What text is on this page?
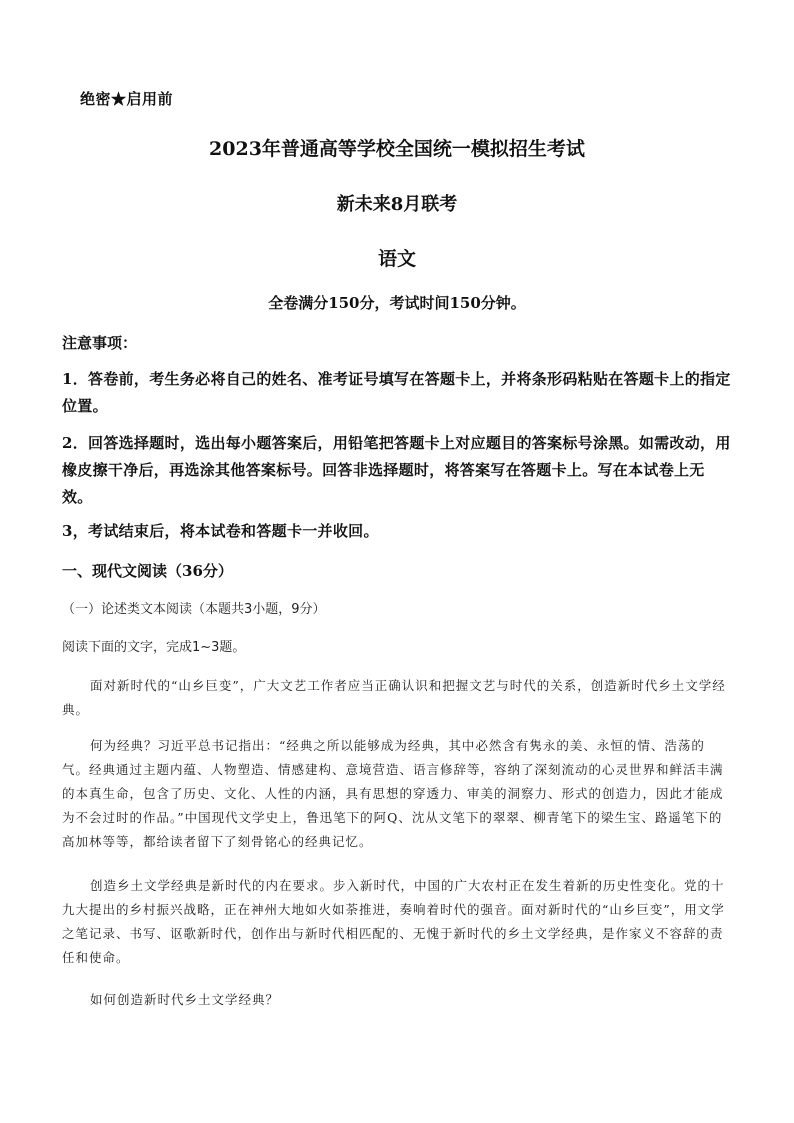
绝密★启用前
2023年普通高等学校全国统一模拟招生考试
新未来8月联考
语文
全卷满分150分，考试时间150分钟。
注意事项：
1．答卷前，考生务必将自己的姓名、准考证号填写在答题卡上，并将条形码粘贴在答题卡上的指定位置。
2．回答选择题时，选出每小题答案后，用铅笔把答题卡上对应题目的答案标号涂黑。如需改动，用橡皮擦干净后，再选涂其他答案标号。回答非选择题时，将答案写在答题卡上。写在本试卷上无效。
3，考试结束后，将本试卷和答题卡一并收回。
一、现代文阅读（36分）
（一）论述类文本阅读（本题共3小题，9分）
阅读下面的文字，完成1~3题。
面对新时代的“山乡巨变”，广大文艺工作者应当正确认识和把握文艺与时代的关系，创造新时代乡土文学经典。
何为经典？习近平总书记指出：“经典之所以能够成为经典，其中必然含有隽永的美、永恒的情、浩荡的气。经典通过主题内蕴、人物塑造、情感建构、意境营造、语言修辞等，容纳了深刻流动的心灵世界和鲜活丰满的本真生命，包含了历史、文化、人性的内涵，具有思想的穿透力、审美的洞察力、形式的创造力，因此才能成为不会过时的作品。”中国现代文学史上，鲁迅笔下的阿Q、沈从文笔下的翠翠、柳青笔下的梁生宝、路遥笔下的高加林等等，都给读者留下了刻骨铭心的经典记忆。
创造乡土文学经典是新时代的内在要求。步入新时代，中国的广大农村正在发生着新的历史性变化。党的十九大提出的乡村振兴战略，正在神州大地如火如荼推进，奏响着时代的强音。面对新时代的“山乡巨变”，用文学之笔记录、书写、讴歌新时代，创作出与新时代相匹配的、无愧于新时代的乡土文学经典，是作家义不容辞的责任和使命。
如何创造新时代乡土文学经典？
